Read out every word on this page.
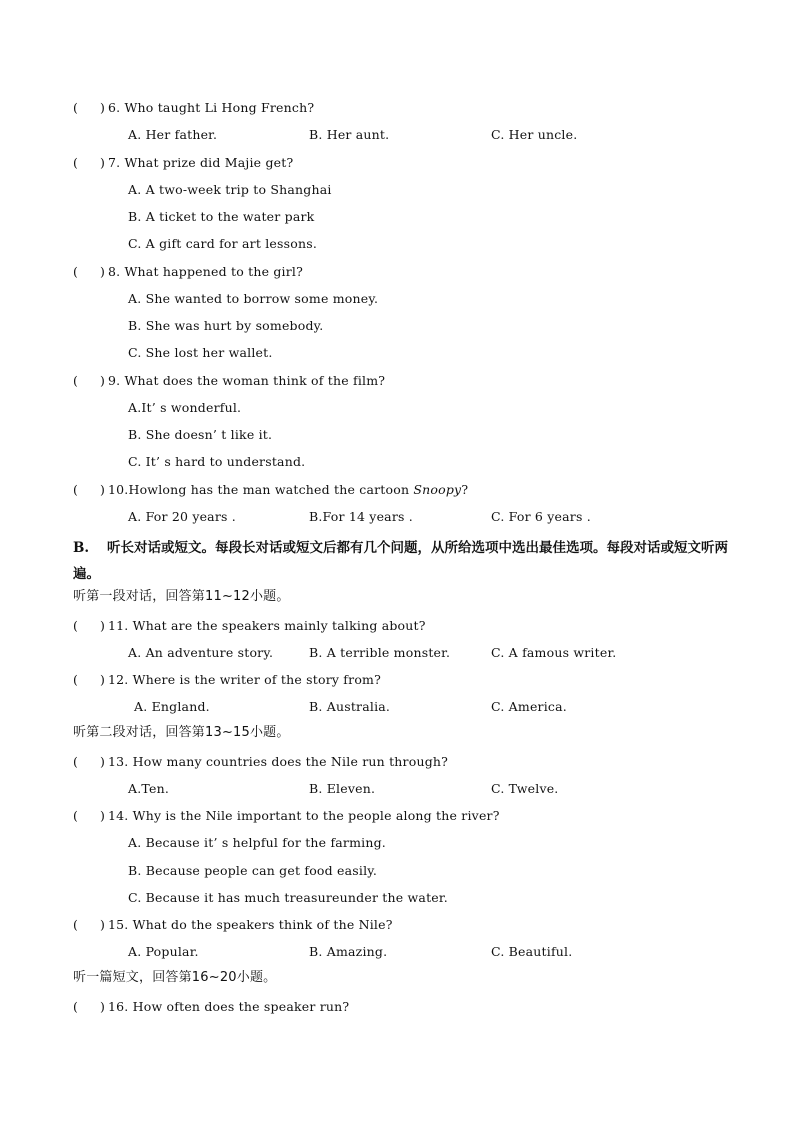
( ) 6. Who taught Li Hong French?
A. Her father.	B. Her aunt.	C. Her uncle.
( ) 7. What prize did Majie get?
A. A two-week trip to Shanghai
B. A ticket to the water park
C. A gift card for art lessons.
( ) 8. What happened to the girl?
A. She wanted to borrow some money.
B. She was hurt by somebody.
C. She lost her wallet.
( ) 9. What does the woman think of the film?
A.It’ s wonderful.
B. She doesn’ t like it.
C. It’ s hard to understand.
( ) 10.Howlong has the man watched the cartoon Snoopy?
A. For 20 years .	B.For 14 years .	C. For 6 years .
B. 听长对话或短文。每段长对话或短文后都有几个问题，从所给选项中选出最佳选项。每段对话或短文听两遍。
听第一段对话，回答第11~12小题。
( ) 11. What are the speakers mainly talking about?
A. An adventure story.	B. A terrible monster.	C. A famous writer.
( ) 12. Where is the writer of the story from?
A. England.	B. Australia.	C. America.
听第二段对话，回答第13~15小题。
( ) 13. How many countries does the Nile run through?
A.Ten.	B. Eleven.	C. Twelve.
( ) 14. Why is the Nile important to the people along the river?
A. Because it’ s helpful for the farming.
B. Because people can get food easily.
C. Because it has much treasureunder the water.
( ) 15. What do the speakers think of the Nile?
A. Popular.	B. Amazing.	C. Beautiful.
听一篇短文，回答第16~20小题。
( ) 16. How often does the speaker run?
